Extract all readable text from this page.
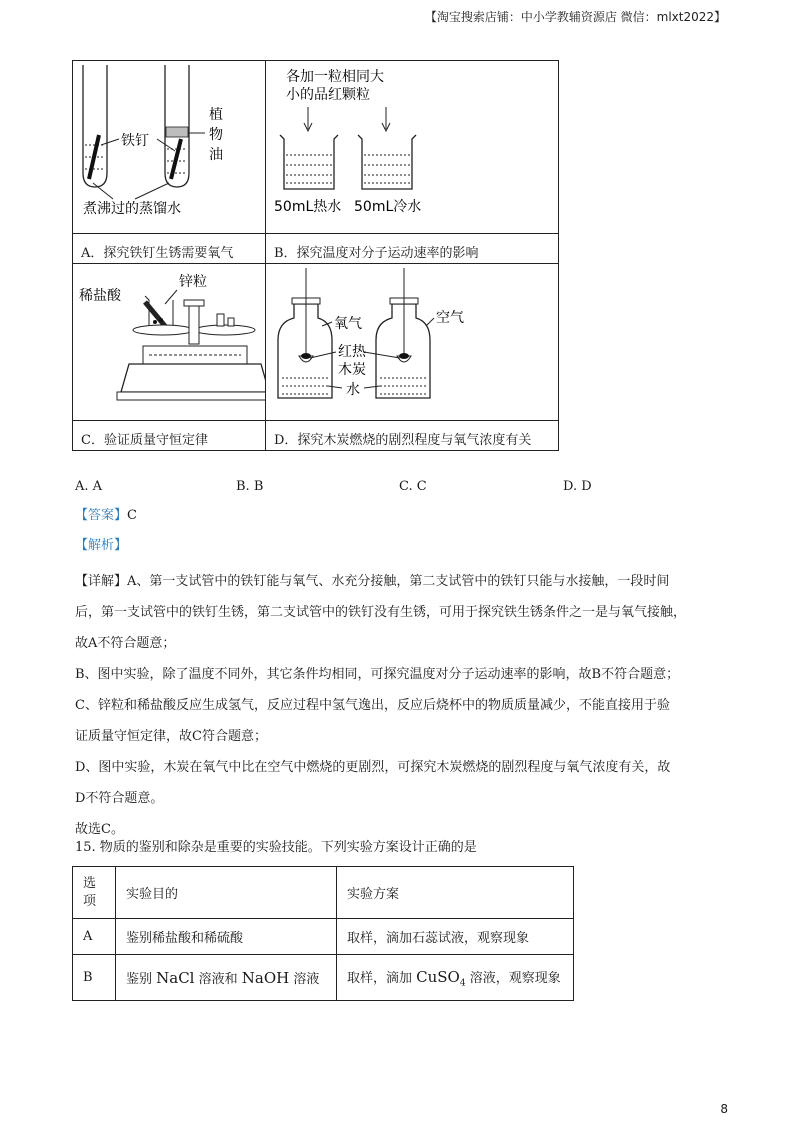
【淘宝搜索店铺：中小学教辅资源店 微信：mlxt2022】
铁钉
植
物
油
煮沸过的蒸馏水	各加一粒相同大
小的品红颗粒
50mL热水 50mL冷水

A．探究铁钉生锈需要氧气	B．探究温度对分子运动速率的影响

稀盐酸
锌粒	氧气 空气
红热
木炭
水

C．验证质量守恒定律	D．探究木炭燃烧的剧烈程度与氧气浓度有关
A. A	B. B	C. C	D. D
【答案】C
【解析】
【详解】A、第一支试管中的铁钉能与氧气、水充分接触，第二支试管中的铁钉只能与水接触，一段时间
后，第一支试管中的铁钉生锈，第二支试管中的铁钉没有生锈，可用于探究铁生锈条件之一是与氧气接触，
故A不符合题意；
B、图中实验，除了温度不同外，其它条件均相同，可探究温度对分子运动速率的影响，故B不符合题意；
C、锌粒和稀盐酸反应生成氢气，反应过程中氢气逸出，反应后烧杯中的物质质量减少，不能直接用于验
证质量守恒定律，故C符合题意；
D、图中实验，木炭在氧气中比在空气中燃烧的更剧烈，可探究木炭燃烧的剧烈程度与氧气浓度有关，故
D不符合题意。
故选C。
15. 物质的鉴别和除杂是重要的实验技能。下列实验方案设计正确的是
选
项	实验目的	实验方案
A	鉴别稀盐酸和稀硫酸	取样，滴加石蕊试液，观察现象
B	鉴别 NaCl 溶液和 NaOH 溶液	取样，滴加 CuSO$_4$ 溶液，观察现象
8
